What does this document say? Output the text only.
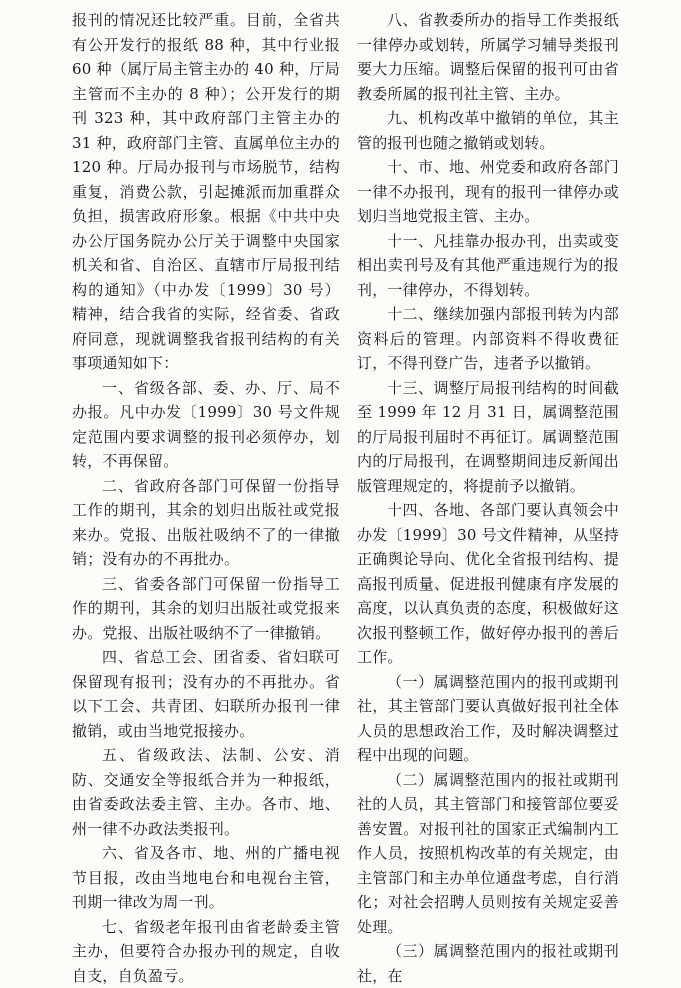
报刊的情况还比较严重。目前，全省共有公开发行的报纸 88 种，其中行业报 60 种（属厅局主管主办的 40 种，厅局主管而不主办的 8 种）；公开发行的期刊 323 种，其中政府部门主管主办的 31 种，政府部门主管、直属单位主办的 120 种。厅局办报刊与市场脱节，结构重复，消费公款，引起摊派而加重群众负担，损害政府形象。根据《中共中央办公厅国务院办公厅关于调整中央国家机关和省、自治区、直辖市厅局报刊结构的通知》（中办发〔1999〕30 号）精神，结合我省的实际，经省委、省政府同意，现就调整我省报刊结构的有关事项通知如下：

一、省级各部、委、办、厅、局不办报。凡中办发〔1999〕30 号文件规定范围内要求调整的报刊必须停办，划转，不再保留。

二、省政府各部门可保留一份指导工作的期刊，其余的划归出版社或党报来办。党报、出版社吸纳不了的一律撤销；没有办的不再批办。

三、省委各部门可保留一份指导工作的期刊，其余的划归出版社或党报来办。党报、出版社吸纳不了一律撤销。

四、省总工会、团省委、省妇联可保留现有报刊；没有办的不再批办。省以下工会、共青团、妇联所办报刊一律撤销，或由当地党报接办。

五、省级政法、法制、公安、消防、交通安全等报纸合并为一种报纸，由省委政法委主管、主办。各市、地、州一律不办政法类报刊。

六、省及各市、地、州的广播电视节目报，改由当地电台和电视台主管，刊期一律改为周一刊。

七、省级老年报刊由省老龄委主管主办，但要符合办报办刊的规定，自收自支，自负盈亏。

八、省教委所办的指导工作类报纸一律停办或划转，所属学习辅导类报刊要大力压缩。调整后保留的报刊可由省教委所属的报刊社主管、主办。

九、机构改革中撤销的单位，其主管的报刊也随之撤销或划转。

十、市、地、州党委和政府各部门一律不办报刊，现有的报刊一律停办或划归当地党报主管、主办。

十一、凡挂靠办报办刊，出卖或变相出卖刊号及有其他严重违规行为的报刊，一律停办，不得划转。

十二、继续加强内部报刊转为内部资料后的管理。内部资料不得收费征订，不得刊登广告，违者予以撤销。

十三、调整厅局报刊结构的时间截至 1999 年 12 月 31 日，属调整范围的厅局报刊届时不再征订。属调整范围内的厅局报刊，在调整期间违反新闻出版管理规定的，将提前予以撤销。

十四、各地、各部门要认真领会中办发〔1999〕30 号文件精神，从坚持正确舆论导向、优化全省报刊结构、提高报刊质量、促进报刊健康有序发展的高度，以认真负责的态度，积极做好这次报刊整顿工作，做好停办报刊的善后工作。

（一）属调整范围内的报刊或期刊社，其主管部门要认真做好报刊社全体人员的思想政治工作，及时解决调整过程中出现的问题。

（二）属调整范围内的报社或期刊社的人员，其主管部门和接管部位要妥善安置。对报刊社的国家正式编制内工作人员，按照机构改革的有关规定，由主管部门和主办单位通盘考虑，自行消化；对社会招聘人员则按有关规定妥善处理。

（三）属调整范围内的报社或期刊社，在
